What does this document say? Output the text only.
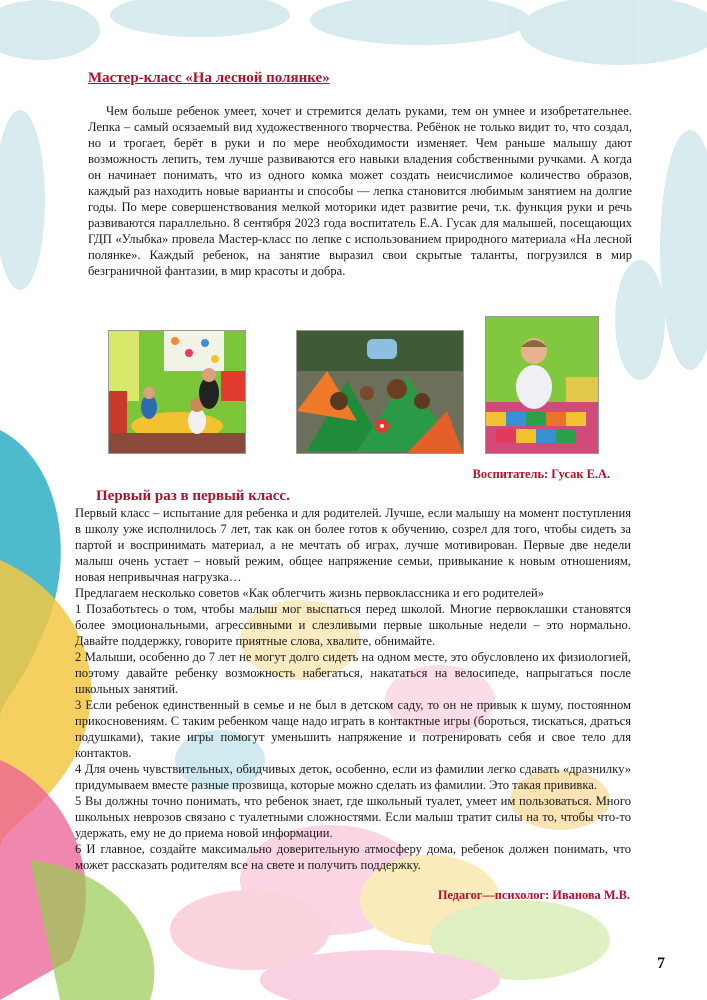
Мастер-класс «На лесной полянке»

Чем больше ребенок умеет, хочет и стремится делать руками, тем он умнее и изобретательнее. Лепка – самый осязаемый вид художественного творчества. Ребёнок не только видит то, что создал, но и трогает, берёт в руки и по мере необходимости изменяет. Чем раньше малышу дают возможность лепить, тем лучше развиваются его навыки владения собственными ручками. А когда он начинает понимать, что из одного комка может создать неисчислимое количество образов, каждый раз находить новые варианты и способы — лепка становится любимым занятием на долгие годы. По мере совершенствования мелкой моторики идет развитие речи, т.к. функция руки и речь развиваются параллельно. 8 сентября 2023 года воспитатель Е.А. Гусак для малышей, посещающих ГДП «Улыбка» провела Мастер-класс по лепке с использованием природного материала «На лесной полянке». Каждый ребенок, на занятие выразил свои скрытые таланты, погрузился в мир безграничной фантазии, в мир красоты и добра.

Воспитатель: Гусак Е.А.

Первый раз в первый класс.

Первый класс – испытание для ребенка и для родителей. Лучше, если малышу на момент поступления в школу уже исполнилось 7 лет, так как он более готов к обучению, созрел для того, чтобы сидеть за партой и воспринимать материал, а не мечтать об играх, лучше мотивирован. Первые две недели малыш очень устает – новый режим, общее напряжение семьи, привыкание к новым отношениям, новая непривычная нагрузка…

Предлагаем несколько советов «Как облегчить жизнь первоклассника и его родителей»

1 Позаботьтесь о том, чтобы малыш мог выспаться перед школой. Многие первоклашки становятся более эмоциональными, агрессивными и слезливыми первые школьные недели – это нормально. Давайте поддержку, говорите приятные слова, хвалите, обнимайте.

2 Малыши, особенно до 7 лет не могут долго сидеть на одном месте, это обусловлено их физиологией, поэтому давайте ребенку возможность набегаться, накататься на велосипеде, напрыгаться после школьных занятий.

3 Если ребенок единственный в семье и не был в детском саду, то он не привык к шуму, постоянном прикосновениям. С таким ребенком чаще надо играть в контактные игры (бороться, тискаться, драться подушками), такие игры помогут уменьшить напряжение и потренировать себя и свое тело для контактов.

4 Для очень чувствительных, обидчивых деток, особенно, если из фамилии легко сдавать «дразнилку» придумываем вместе разные прозвища, которые можно сделать из фамилии. Это такая прививка.

5 Вы должны точно понимать, что ребенок знает, где школьный туалет, умеет им пользоваться. Много школьных неврозов связано с туалетными сложностями. Если малыш тратит силы на то, чтобы что-то удержать, ему не до приема новой информации.

6 И главное, создайте максимально доверительную атмосферу дома, ребенок должен понимать, что может рассказать родителям все на свете и получить поддержку.

Педагог—психолог: Иванова М.В.

7
